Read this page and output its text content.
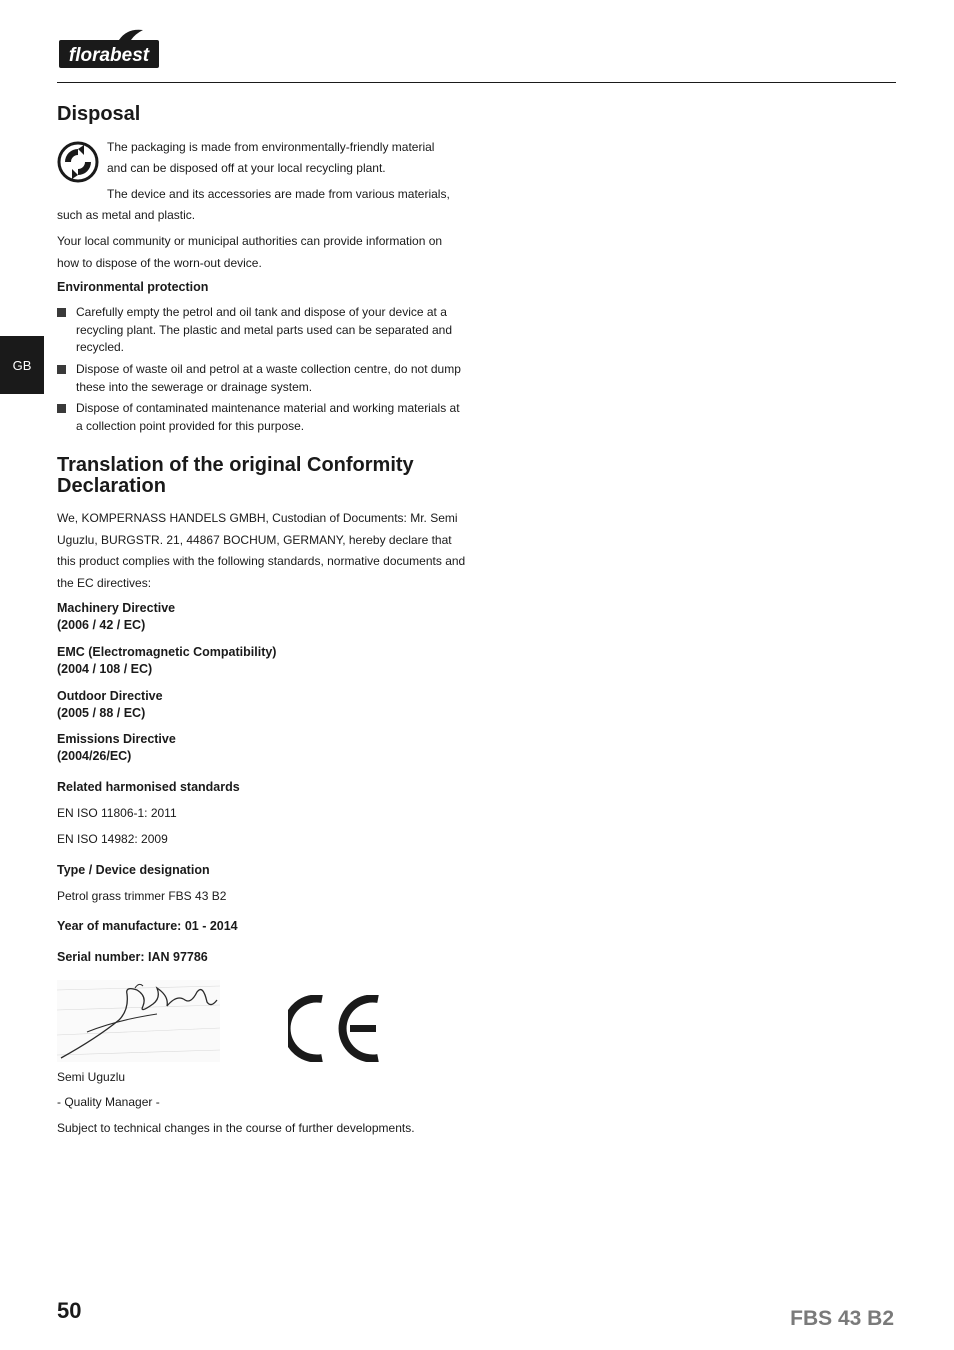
florabest
GB
Disposal

The packaging is made from environmentally-friendly material

and can be disposed off at your local recycling plant.

The device and its accessories are made from various materials,

such as metal and plastic.

Your local community or municipal authorities can provide information on how to dispose of the worn-out device.

Environmental protection

Carefully empty the petrol and oil tank and dispose of your device at a recycling plant. The plastic and metal parts used can be separated and recycled.
Dispose of waste oil and petrol at a waste collection centre, do not dump these into the sewerage or drainage system.
Dispose of contaminated maintenance material and working materials at a collection point provided for this purpose.
Translation of the original Conformity
Declaration

We, KOMPERNASS HANDELS GMBH, Custodian of Documents: Mr. Semi Uguzlu, BURGSTR. 21, 44867 BOCHUM, GERMANY, hereby declare that this product complies with the following standards, normative documents and the EC directives:

Machinery Directive

(2006 / 42 / EC)

EMC (Electromagnetic Compatibility)

(2004 / 108 / EC)

Outdoor Directive

(2005 / 88 / EC)

Emissions Directive

(2004/26/EC)

Related harmonised standards

EN ISO 11806-1: 2011

EN ISO 14982: 2009

Type / Device designation

Petrol grass trimmer FBS 43 B2

Year of manufacture: 01 - 2014

Serial number: IAN 97786

Semi Uguzlu

- Quality Manager -

Subject to technical changes in the course of further developments.

50	FBS 43 B2
